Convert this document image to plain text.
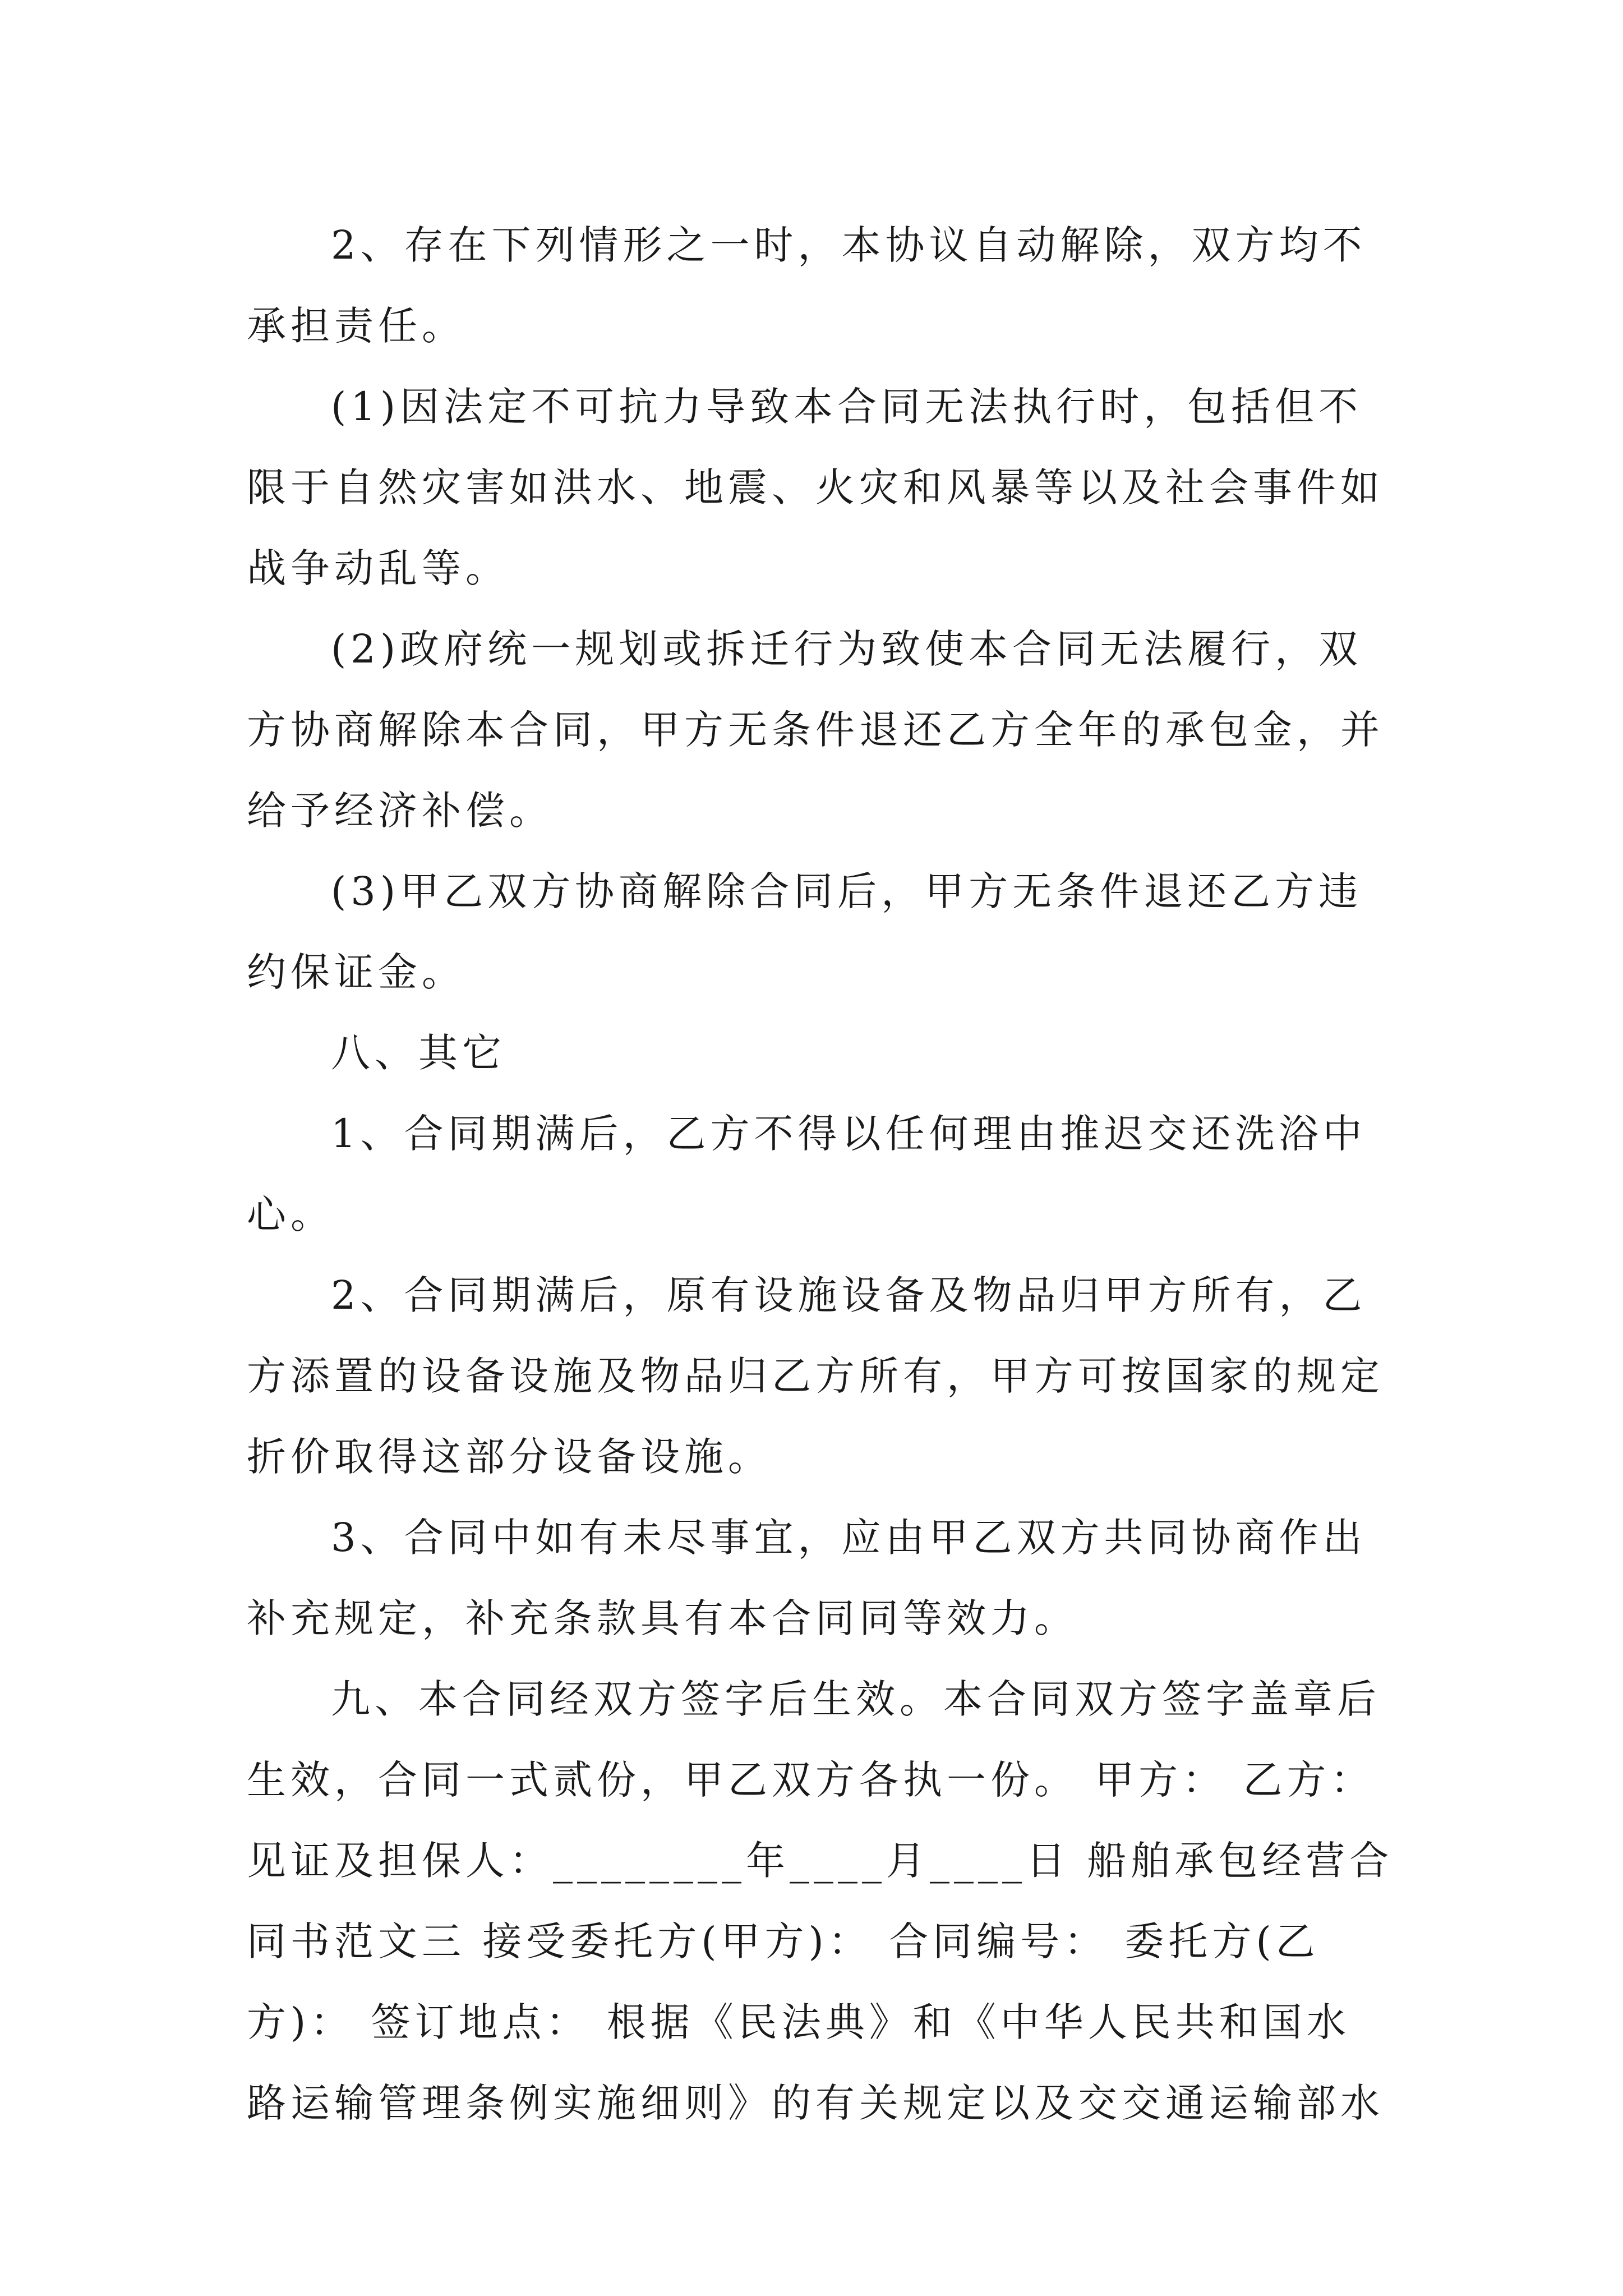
2、存在下列情形之一时，本协议自动解除，双方均不
承担责任。
(1)因法定不可抗力导致本合同无法执行时，包括但不
限于自然灾害如洪水、地震、火灾和风暴等以及社会事件如
战争动乱等。
(2)政府统一规划或拆迁行为致使本合同无法履行，双
方协商解除本合同，甲方无条件退还乙方全年的承包金，并
给予经济补偿。
(3)甲乙双方协商解除合同后，甲方无条件退还乙方违
约保证金。
八、其它
1、合同期满后，乙方不得以任何理由推迟交还洗浴中
心。
2、合同期满后，原有设施设备及物品归甲方所有，乙
方添置的设备设施及物品归乙方所有，甲方可按国家的规定
折价取得这部分设备设施。
3、合同中如有未尽事宜，应由甲乙双方共同协商作出
补充规定，补充条款具有本合同同等效力。
九、本合同经双方签字后生效。本合同双方签字盖章后
生效，合同一式贰份，甲乙双方各执一份。 甲方： 乙方：
见证及担保人：________年____月____日 船舶承包经营合
同书范文三 接受委托方(甲方)： 合同编号： 委托方(乙
方)： 签订地点： 根据《民法典》和《中华人民共和国水
路运输管理条例实施细则》的有关规定以及交交通运输部水
